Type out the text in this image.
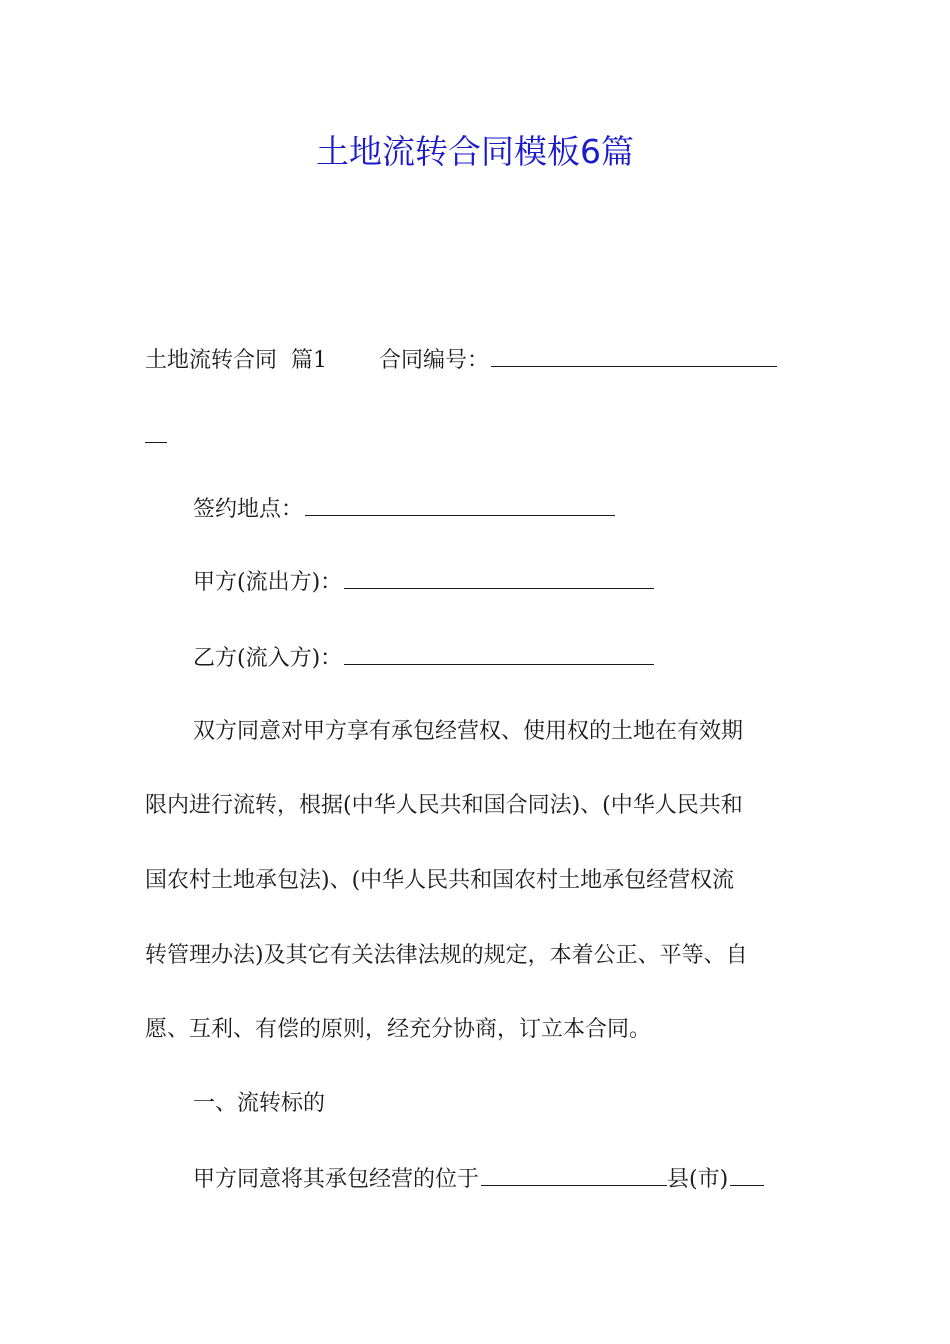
土地流转合同模板6篇
土地流转合同  篇1 合同编号：
签约地点：
甲方(流出方)：
乙方(流入方)：
双方同意对甲方享有承包经营权、使用权的土地在有效期
限内进行流转，根据(中华人民共和国合同法)、(中华人民共和
国农村土地承包法)、(中华人民共和国农村土地承包经营权流
转管理办法)及其它有关法律法规的规定，本着公正、平等、自
愿、互利、有偿的原则，经充分协商，订立本合同。
一、流转标的
甲方同意将其承包经营的位于	县(市)
